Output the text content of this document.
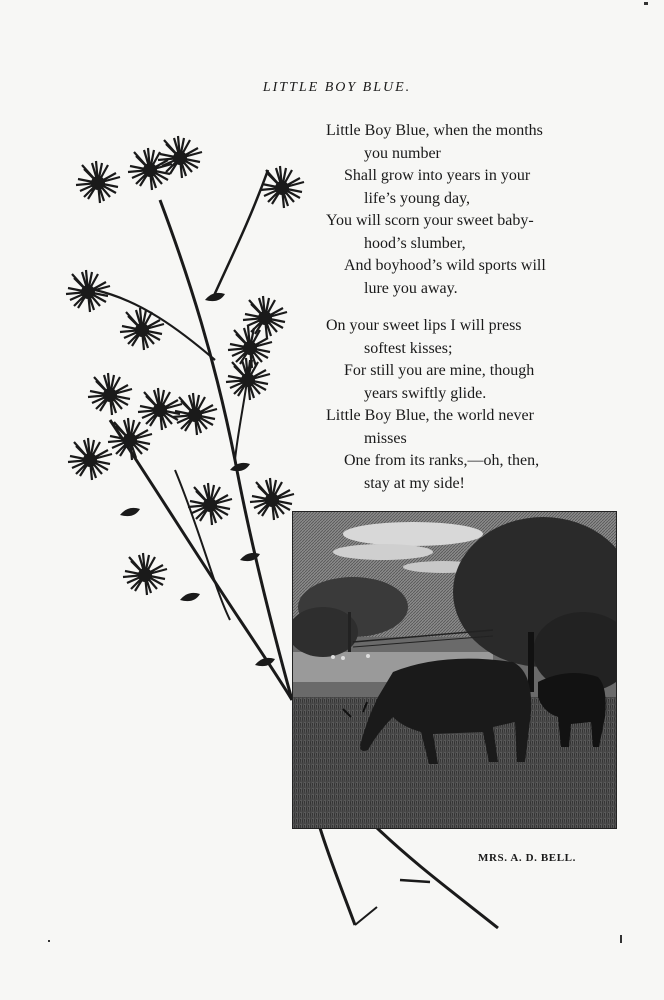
LITTLE BOY BLUE.
Little Boy Blue, when the months
you number
Shall grow into years in your
life’s young day,
You will scorn your sweet baby-
hood’s slumber,
And boyhood’s wild sports will
lure you away.
On your sweet lips I will press
softest kisses;
For still you are mine, though
years swiftly glide.
Little Boy Blue, the world never
misses
One from its ranks,—oh, then,
stay at my side!
MRS. A. D. BELL.
